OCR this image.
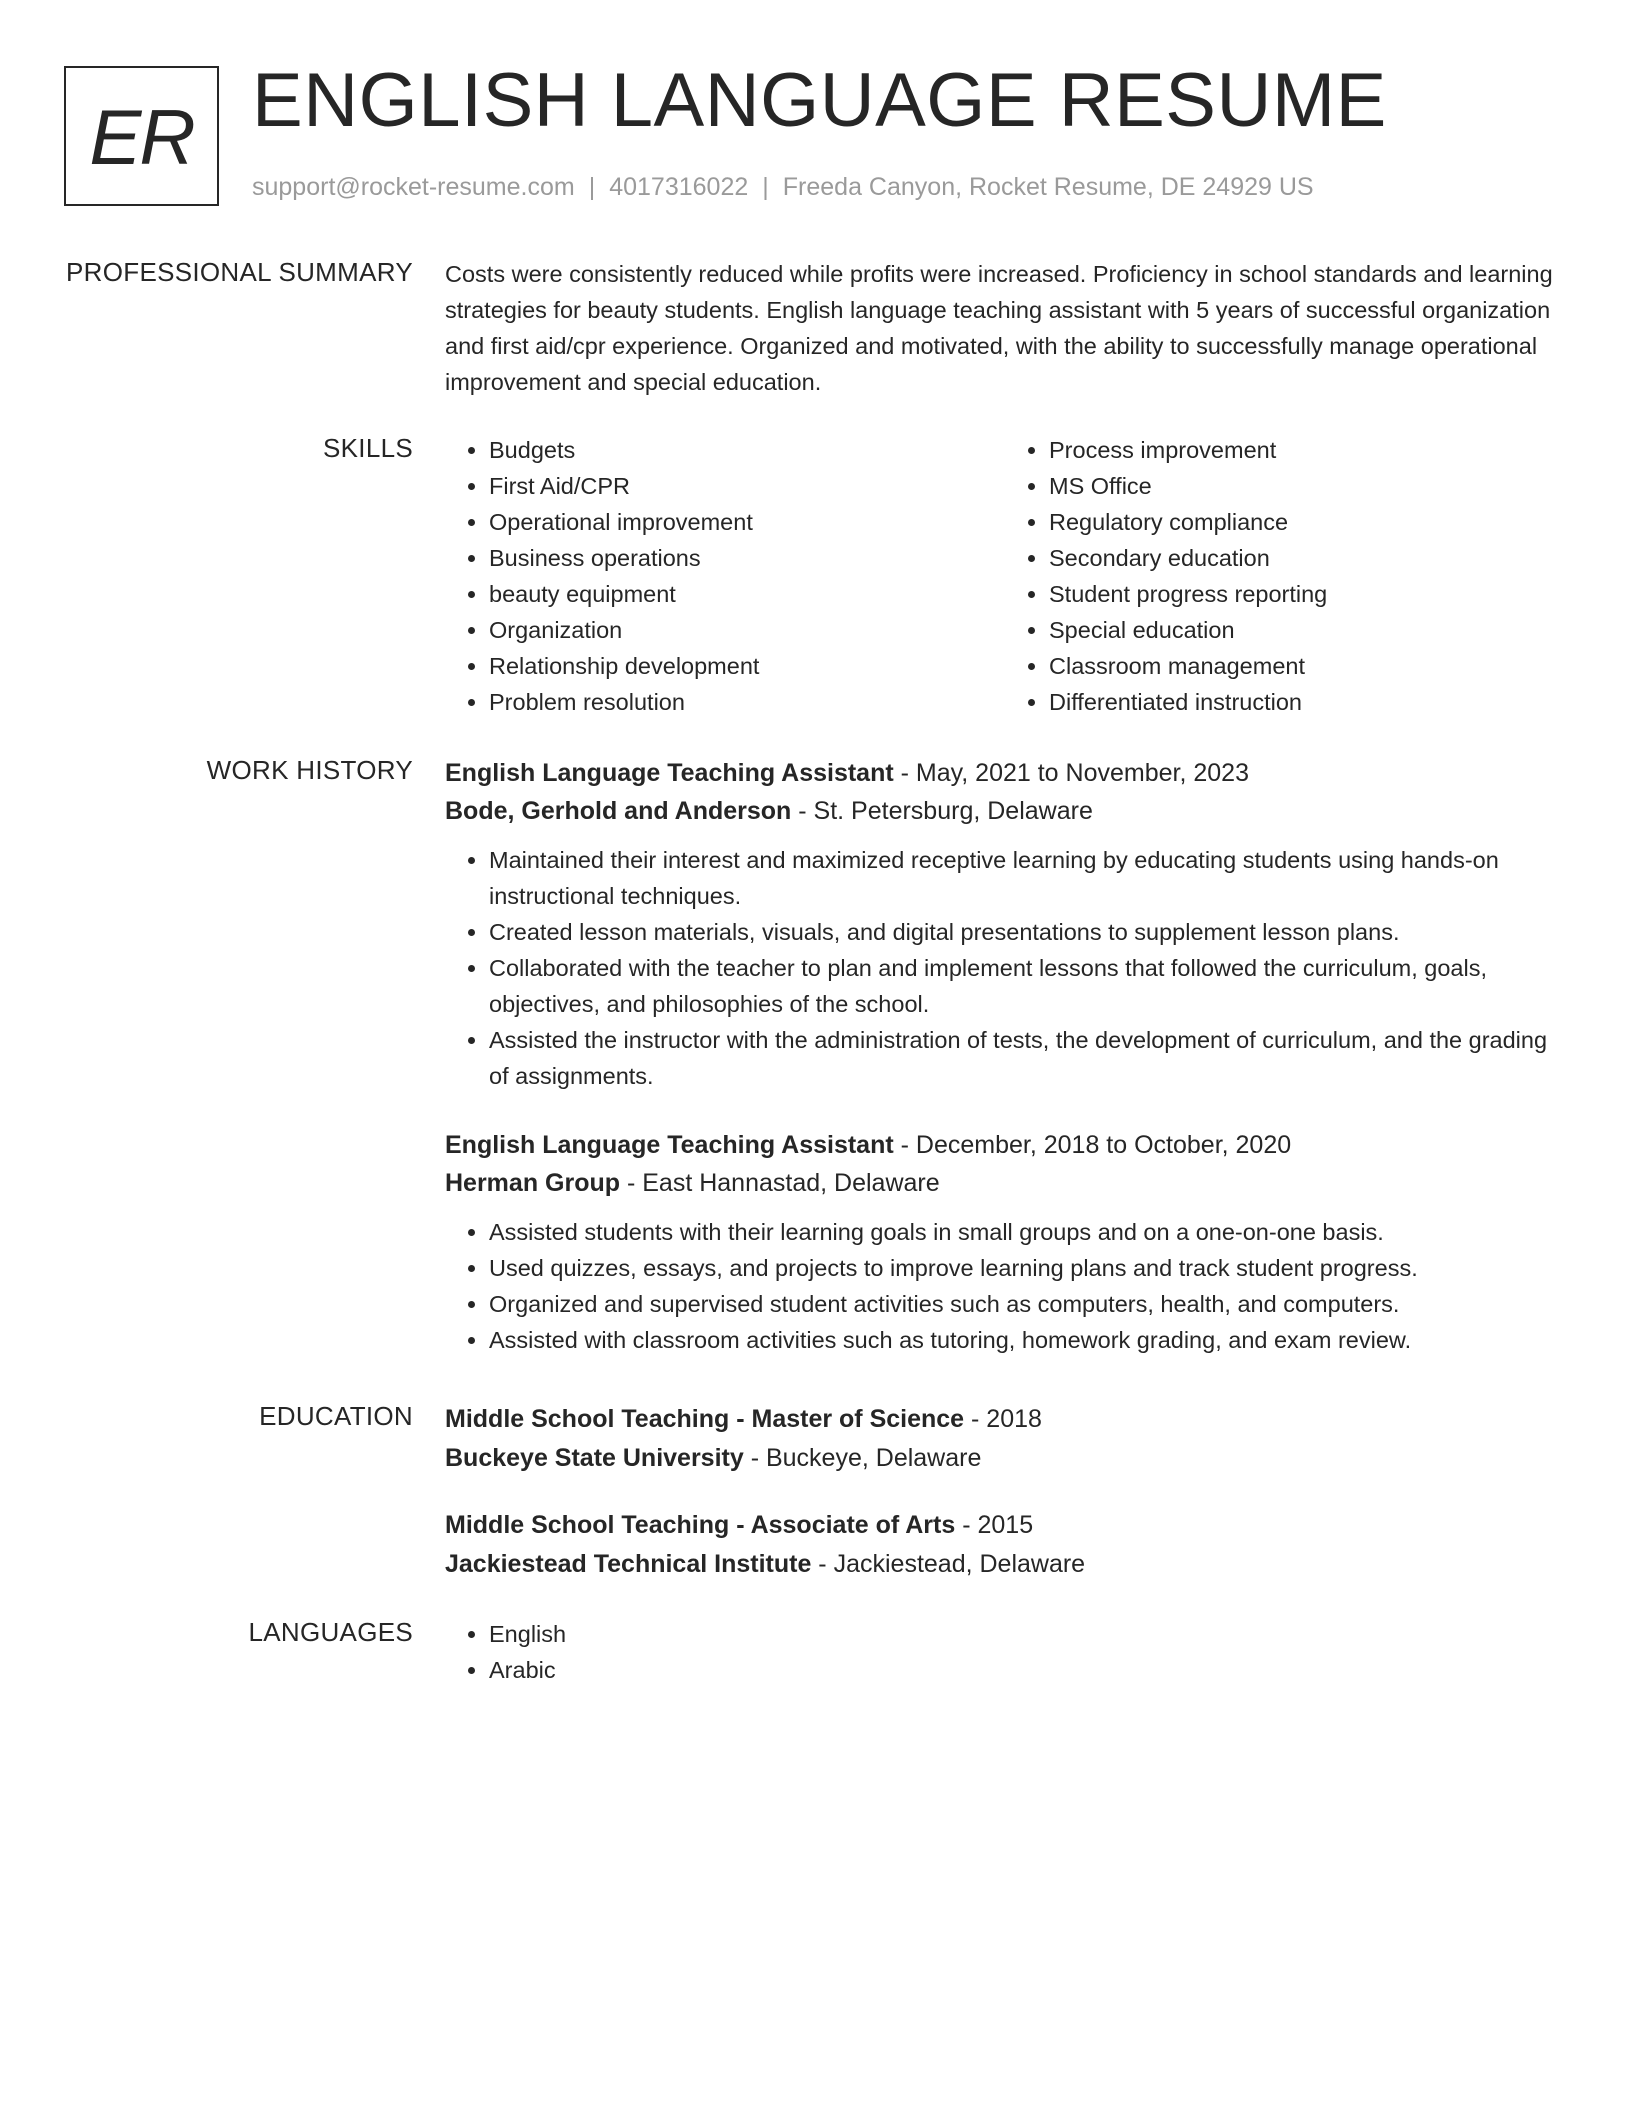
ER ENGLISH LANGUAGE RESUME
support@rocket-resume.com | 4017316022 | Freeda Canyon, Rocket Resume, DE 24929 US
PROFESSIONAL SUMMARY Costs were consistently reduced while profits were increased. Proficiency in school standards and learning strategies for beauty students. English language teaching assistant with 5 years of successful organization and first aid/cpr experience. Organized and motivated, with the ability to successfully manage operational improvement and special education.

SKILLS	• Budgets
• First Aid/CPR
• Operational improvement
• Business operations
• beauty equipment
• Organization
• Relationship development
• Problem resolution
• Process improvement
• MS Office
• Regulatory compliance
• Secondary education
• Student progress reporting
• Special education
• Classroom management
• Differentiated instruction
WORK HISTORY English Language Teaching Assistant - May, 2021 to November, 2023
Bode, Gerhold and Anderson - St. Petersburg, Delaware
• Maintained their interest and maximized receptive learning by educating students using hands-on instructional techniques.
• Created lesson materials, visuals, and digital presentations to supplement lesson plans.
• Collaborated with the teacher to plan and implement lessons that followed the curriculum, goals, objectives, and philosophies of the school.
• Assisted the instructor with the administration of tests, the development of curriculum, and the grading of assignments.
English Language Teaching Assistant - December, 2018 to October, 2020
Herman Group - East Hannastad, Delaware
• Assisted students with their learning goals in small groups and on a one-on-one basis.
• Used quizzes, essays, and projects to improve learning plans and track student progress.
• Organized and supervised student activities such as computers, health, and computers.
• Assisted with classroom activities such as tutoring, homework grading, and exam review.
EDUCATION Middle School Teaching - Master of Science - 2018
Buckeye State University - Buckeye, Delaware
Middle School Teaching - Associate of Arts - 2015
Jackiestead Technical Institute - Jackiestead, Delaware
LANGUAGES	• English
• Arabic
